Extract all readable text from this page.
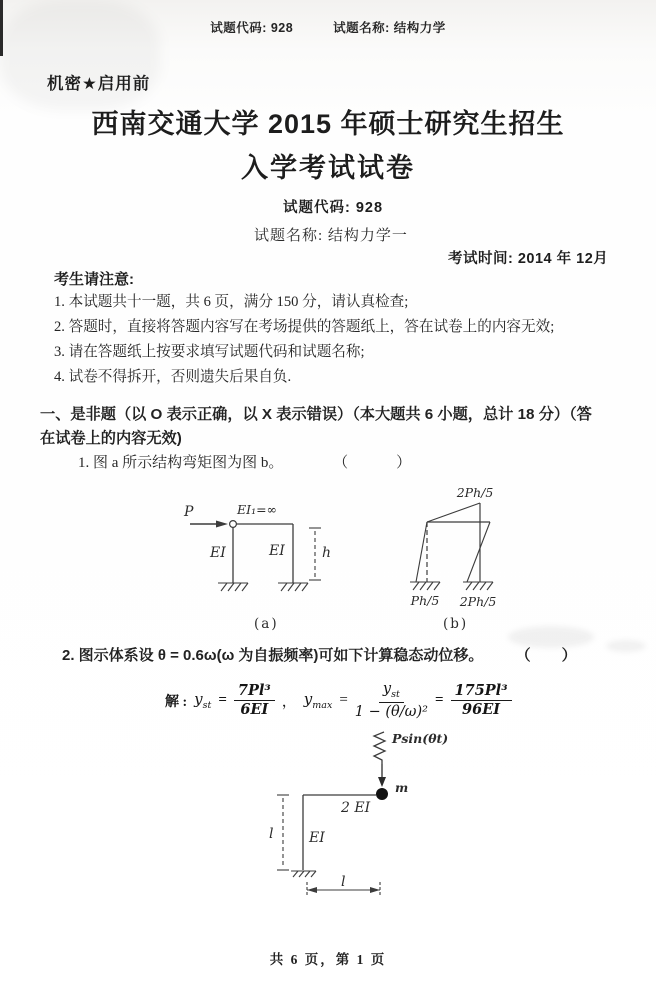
试题代码: 928	试题名称: 结构力学
机密★启用前
西南交通大学 2015 年硕士研究生招生
入学考试试卷
试题代码: 928
试题名称: 结构力学一
考试时间: 2014 年 12月
考生请注意:
1. 本试题共十一题，共 6 页，满分 150 分，请认真检查;
2. 答题时，直接将答题内容写在考场提供的答题纸上，答在试卷上的内容无效;
3. 请在答题纸上按要求填写试题代码和试题名称;
4. 试卷不得拆开，否则遗失后果自负.
一、是非题（以 O 表示正确，以 X 表示错误）（本大题共 6 小题，总计 18 分）（答
在试卷上的内容无效)
1. 图 a 所示结构弯矩图为图 b。	（　　）
P	EI₁=∞
EI	EI	h
(a)
2Ph/5
Ph/5 2Ph/5
(b)
2. 图示体系设 θ = 0.6ω(ω 为自振频率)可如下计算稳态动位移。 （　）
解 : $y_{st} = \frac{\text{7Pl³}}{6EI}$ ， $y_{max} = \frac{y_{st}}{\text{1 − (θ/ω)²}} = \frac{\text{175Pl³}}{96EI}$
Psin(θt)
m
2 EI
EI
l
l
共 6 页，第 1 页
